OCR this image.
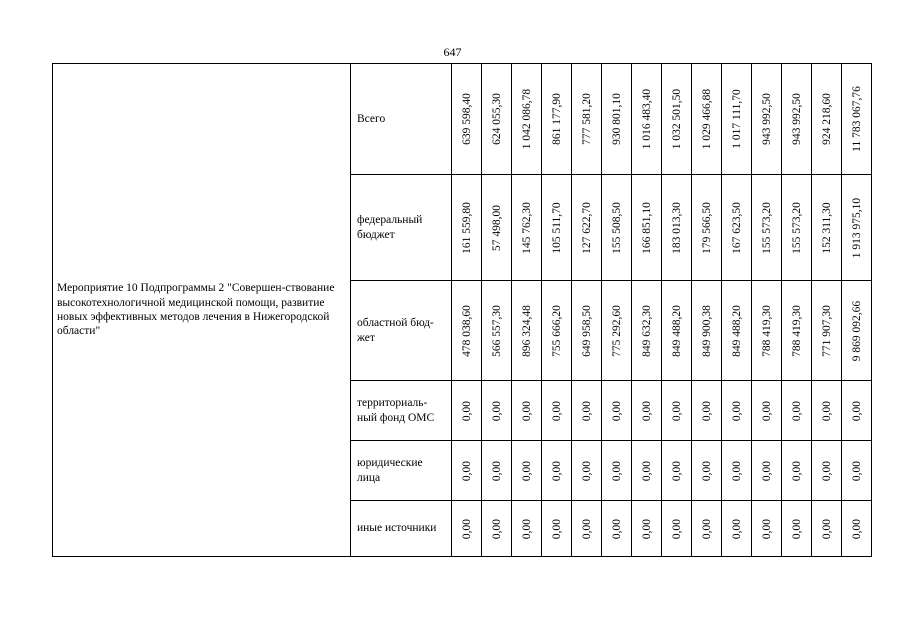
647
Мероприятие 10 Подпрограммы 2 "Совершен-ствование высокотехнологичной медицинской помощи, развитие новых эффективных методов лечения в Нижегородской области"	Всего	639 598,40	624 055,30	1 042 086,78	861 177,90	777 581,20	930 801,10	1 016 483,40	1 032 501,50	1 029 466,88	1 017 111,70	943 992,50	943 992,50	924 218,60	11 783 067,76

	федеральный бюджет	161 559,80	57 498,00	145 762,30	105 511,70	127 622,70	155 508,50	166 851,10	183 013,30	179 566,50	167 623,50	155 573,20	155 573,20	152 311,30	1 913 975,10

	областной бюд-жет	478 038,60	566 557,30	896 324,48	755 666,20	649 958,50	775 292,60	849 632,30	849 488,20	849 900,38	849 488,20	788 419,30	788 419,30	771 907,30	9 869 092,66

	территориаль-ный фонд ОМС	0,00	0,00	0,00	0,00	0,00	0,00	0,00	0,00	0,00	0,00	0,00	0,00	0,00	0,00

	юридические лица	0,00	0,00	0,00	0,00	0,00	0,00	0,00	0,00	0,00	0,00	0,00	0,00	0,00	0,00

	иные источники	0,00	0,00	0,00	0,00	0,00	0,00	0,00	0,00	0,00	0,00	0,00	0,00	0,00	0,00
